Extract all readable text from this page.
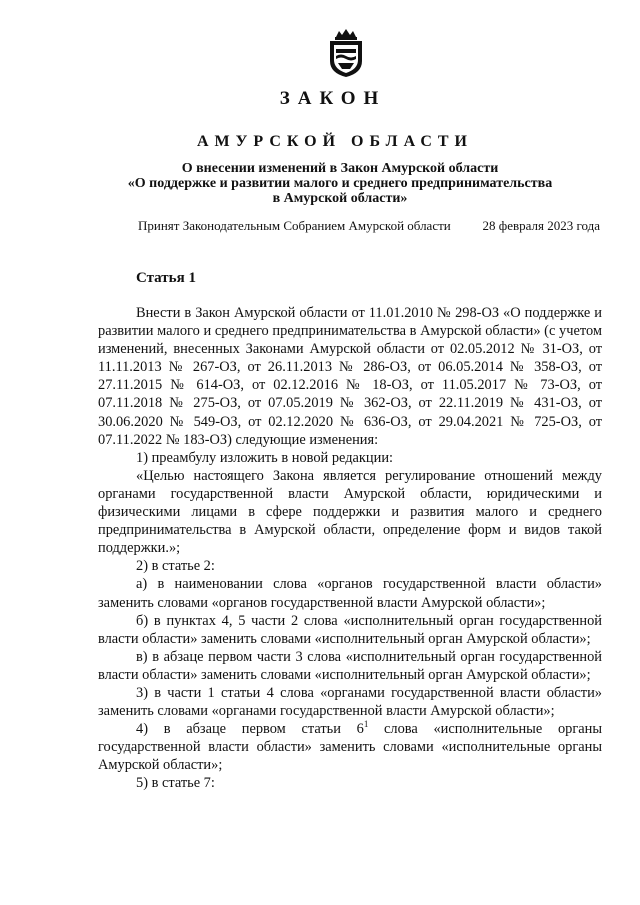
ЗАКОН
АМУРСКОЙ ОБЛАСТИ
О внесении изменений в Закон Амурской области
«О поддержке и развитии малого и среднего предпринимательства
в Амурской области»
Принят Законодательным Собранием Амурской области 28 февраля 2023 года
Статья 1

Внести в Закон Амурской области от 11.01.2010 № 298-ОЗ «О поддержке и развитии малого и среднего предпринимательства в Амурской области» (с учетом изменений, внесенных Законами Амурской области от 02.05.2012 № 31-ОЗ, от 11.11.2013 № 267-ОЗ, от 26.11.2013 № 286-ОЗ, от 06.05.2014 № 358-ОЗ, от 27.11.2015 № 614-ОЗ, от 02.12.2016 № 18-ОЗ, от 11.05.2017 № 73-ОЗ, от 07.11.2018 № 275-ОЗ, от 07.05.2019 № 362-ОЗ, от 22.11.2019 № 431-ОЗ, от 30.06.2020 № 549-ОЗ, от 02.12.2020 № 636-ОЗ, от 29.04.2021 № 725-ОЗ, от 07.11.2022 № 183-ОЗ) следующие изменения:

1) преамбулу изложить в новой редакции:

«Целью настоящего Закона является регулирование отношений между органами государственной власти Амурской области, юридическими и физическими лицами в сфере поддержки и развития малого и среднего предпринимательства в Амурской области, определение форм и видов такой поддержки.»;

2) в статье 2:

а) в наименовании слова «органов государственной власти области» заменить словами «органов государственной власти Амурской области»;

б) в пунктах 4, 5 части 2 слова «исполнительный орган государственной власти области» заменить словами «исполнительный орган Амурской области»;

в) в абзаце первом части 3 слова «исполнительный орган государственной власти области» заменить словами «исполнительный орган Амурской области»;

3) в части 1 статьи 4 слова «органами государственной власти области» заменить словами «органами государственной власти Амурской области»;

4) в абзаце первом статьи $6^1$ слова «исполнительные органы государственной власти области» заменить словами «исполнительные органы Амурской области»;

5) в статье 7:
